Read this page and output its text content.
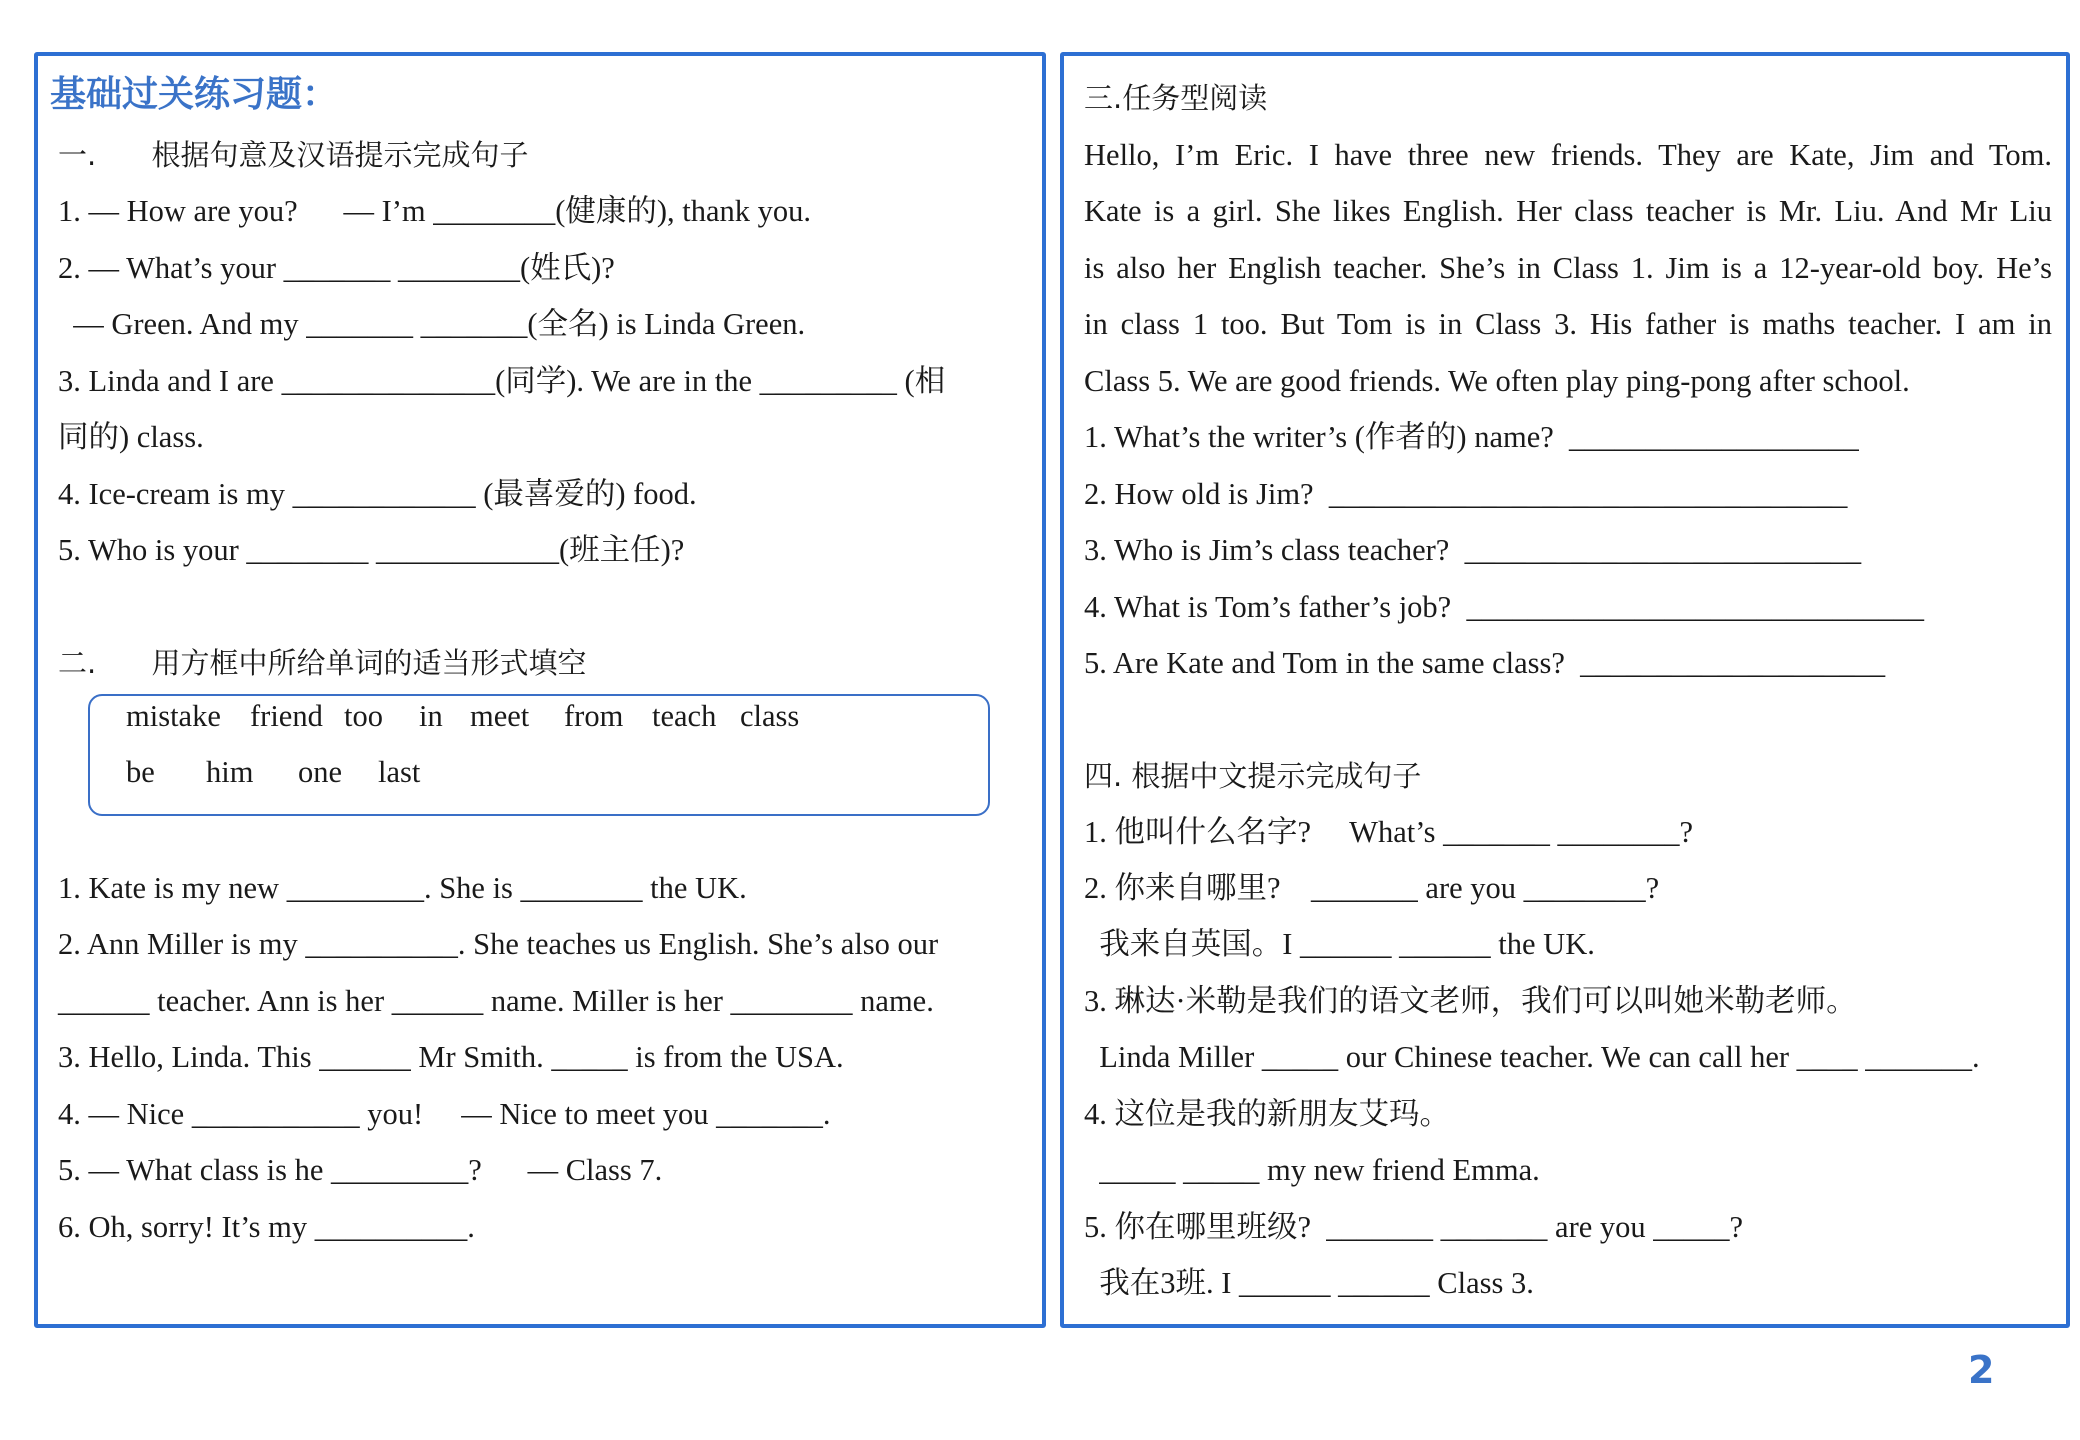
基础过关练习题：
一.      根据句意及汉语提示完成句子
1. — How are you?      — I’m ________(健康的), thank you.
2. — What’s your _______ ________(姓氏)?
— Green. And my _______ _______(全名) is Linda Green.
3. Linda and I are ______________(同学). We are in the _________ (相
同的) class.
4. Ice-cream is my ____________ (最喜爱的) food.
5. Who is your ________ ____________(班主任)?
二.      用方框中所给单词的适当形式填空
mistake friend too in meet from teach class
be him one last
1. Kate is my new _________. She is ________ the UK.
2. Ann Miller is my __________. She teaches us English. She’s also our
______ teacher. Ann is her ______ name. Miller is her ________ name.
3. Hello, Linda. This ______ Mr Smith. _____ is from the USA.
4. — Nice ___________ you!     — Nice to meet you _______.
5. — What class is he _________?      — Class 7.
6. Oh, sorry! It’s my __________.
三.任务型阅读
Hello, I’m Eric. I have three new friends. They are Kate, Jim and Tom.
Kate is a girl. She likes English. Her class teacher is Mr. Liu. And Mr Liu
is also her English teacher. She’s in Class 1. Jim is a 12-year-old boy. He’s
in class 1 too. But Tom is in Class 3. His father is maths teacher. I am in
Class 5. We are good friends. We often play ping-pong after school.
1. What’s the writer’s (作者的) name?  ___________________
2. How old is Jim?  __________________________________
3. Who is Jim’s class teacher?  __________________________
4. What is Tom’s father’s job?  ______________________________
5. Are Kate and Tom in the same class?  ____________________
四. 根据中文提示完成句子
1. 他叫什么名字?     What’s _______ ________?
2. 你来自哪里?    _______ are you ________?
我来自英国。I ______ ______ the UK.
3. 琳达·米勒是我们的语文老师，我们可以叫她米勒老师。
Linda Miller _____ our Chinese teacher. We can call her ____ _______.
4. 这位是我的新朋友艾玛。
_____ _____ my new friend Emma.
5. 你在哪里班级?  _______ _______ are you _____?
我在3班. I ______ ______ Class 3.
2
